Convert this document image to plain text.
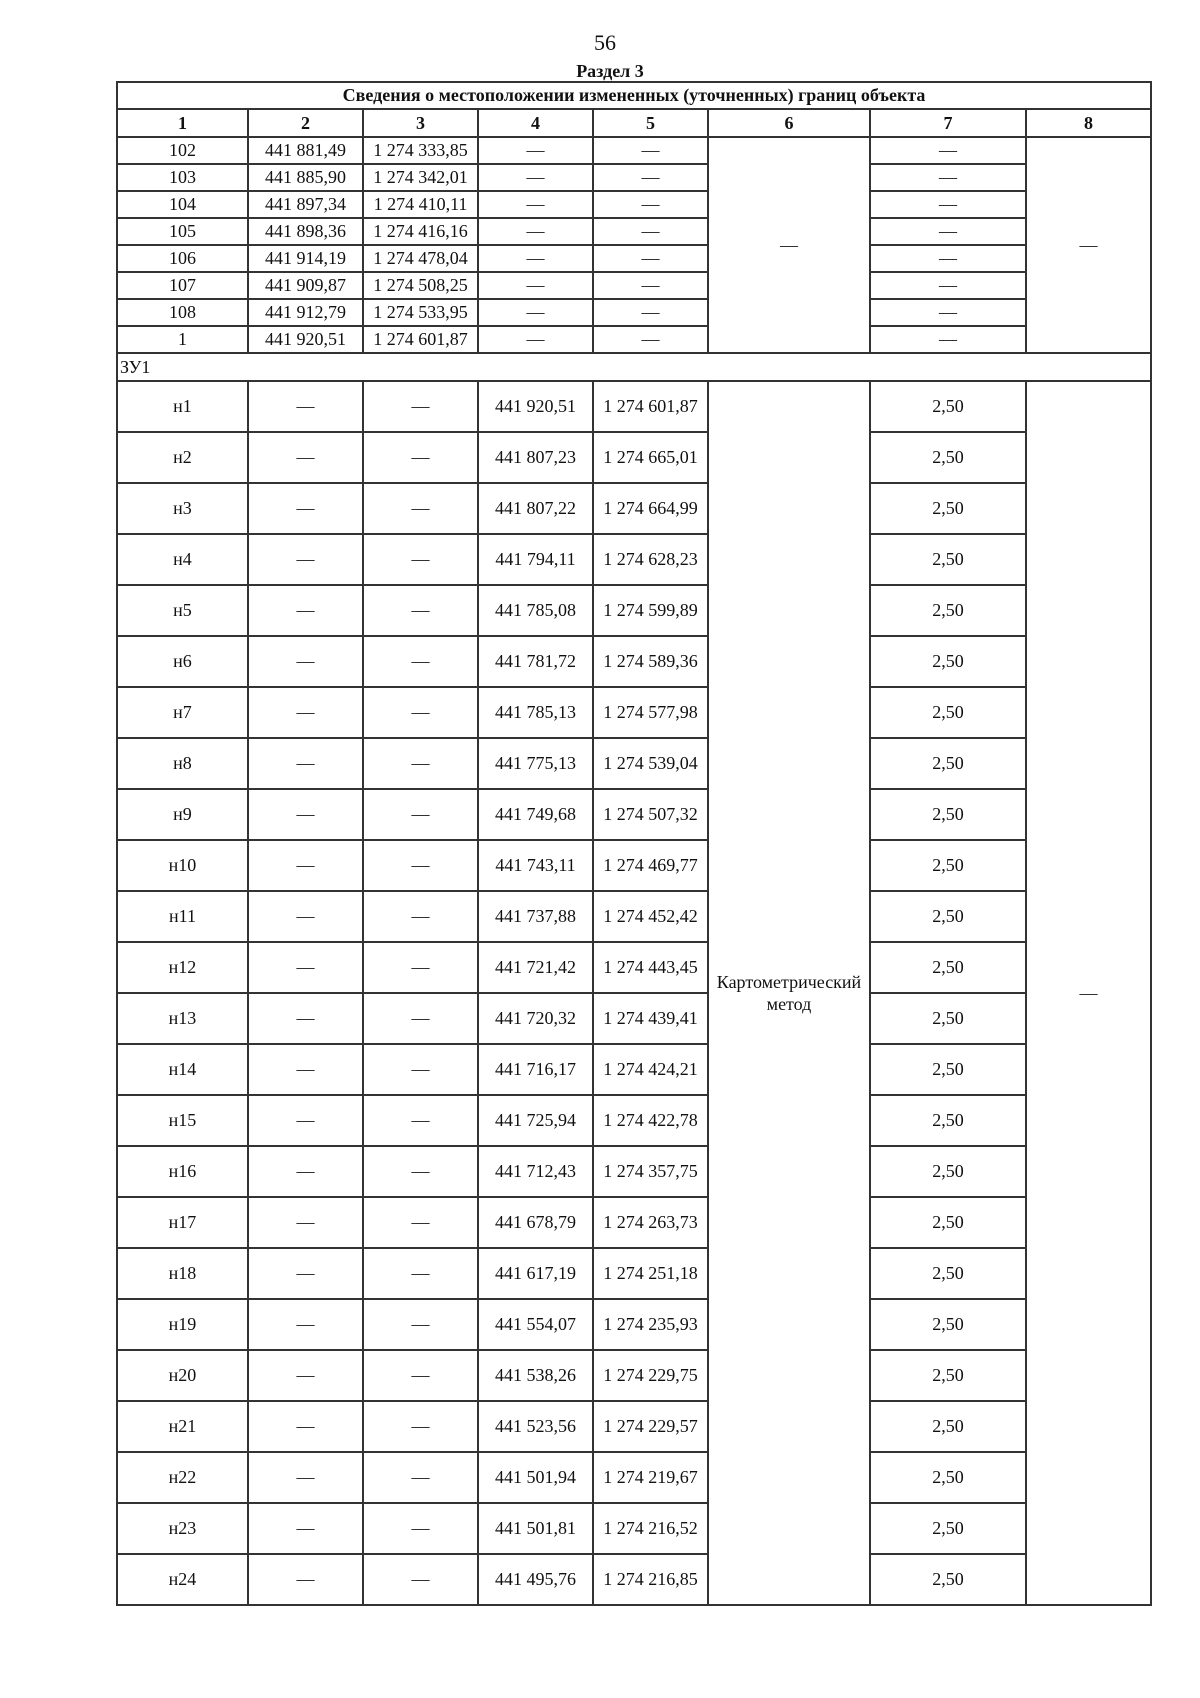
56
Раздел 3
Сведения о местоположении измененных (уточненных) границ объекта							
1	2	3	4	5	6	7	8
102	441 881,49	1 274 333,85	—	—	—	—	—
103	441 885,90	1 274 342,01	—	—		—	
104	441 897,34	1 274 410,11	—	—		—	
105	441 898,36	1 274 416,16	—	—		—	
106	441 914,19	1 274 478,04	—	—		—	
107	441 909,87	1 274 508,25	—	—		—	
108	441 912,79	1 274 533,95	—	—		—	
1	441 920,51	1 274 601,87	—	—		—	
ЗУ1							
н1	—	—	441 920,51	1 274 601,87	Картометрический метод	2,50	—
н2	—	—	441 807,23	1 274 665,01		2,50	
н3	—	—	441 807,22	1 274 664,99		2,50	
н4	—	—	441 794,11	1 274 628,23		2,50	
н5	—	—	441 785,08	1 274 599,89		2,50	
н6	—	—	441 781,72	1 274 589,36		2,50	
н7	—	—	441 785,13	1 274 577,98		2,50	
н8	—	—	441 775,13	1 274 539,04		2,50	
н9	—	—	441 749,68	1 274 507,32		2,50	
н10	—	—	441 743,11	1 274 469,77		2,50	
н11	—	—	441 737,88	1 274 452,42		2,50	
н12	—	—	441 721,42	1 274 443,45		2,50	
н13	—	—	441 720,32	1 274 439,41		2,50	
н14	—	—	441 716,17	1 274 424,21		2,50	
н15	—	—	441 725,94	1 274 422,78		2,50	
н16	—	—	441 712,43	1 274 357,75		2,50	
н17	—	—	441 678,79	1 274 263,73		2,50	
н18	—	—	441 617,19	1 274 251,18		2,50	
н19	—	—	441 554,07	1 274 235,93		2,50	
н20	—	—	441 538,26	1 274 229,75		2,50	
н21	—	—	441 523,56	1 274 229,57		2,50	
н22	—	—	441 501,94	1 274 219,67		2,50	
н23	—	—	441 501,81	1 274 216,52		2,50	
н24	—	—	441 495,76	1 274 216,85		2,50	
